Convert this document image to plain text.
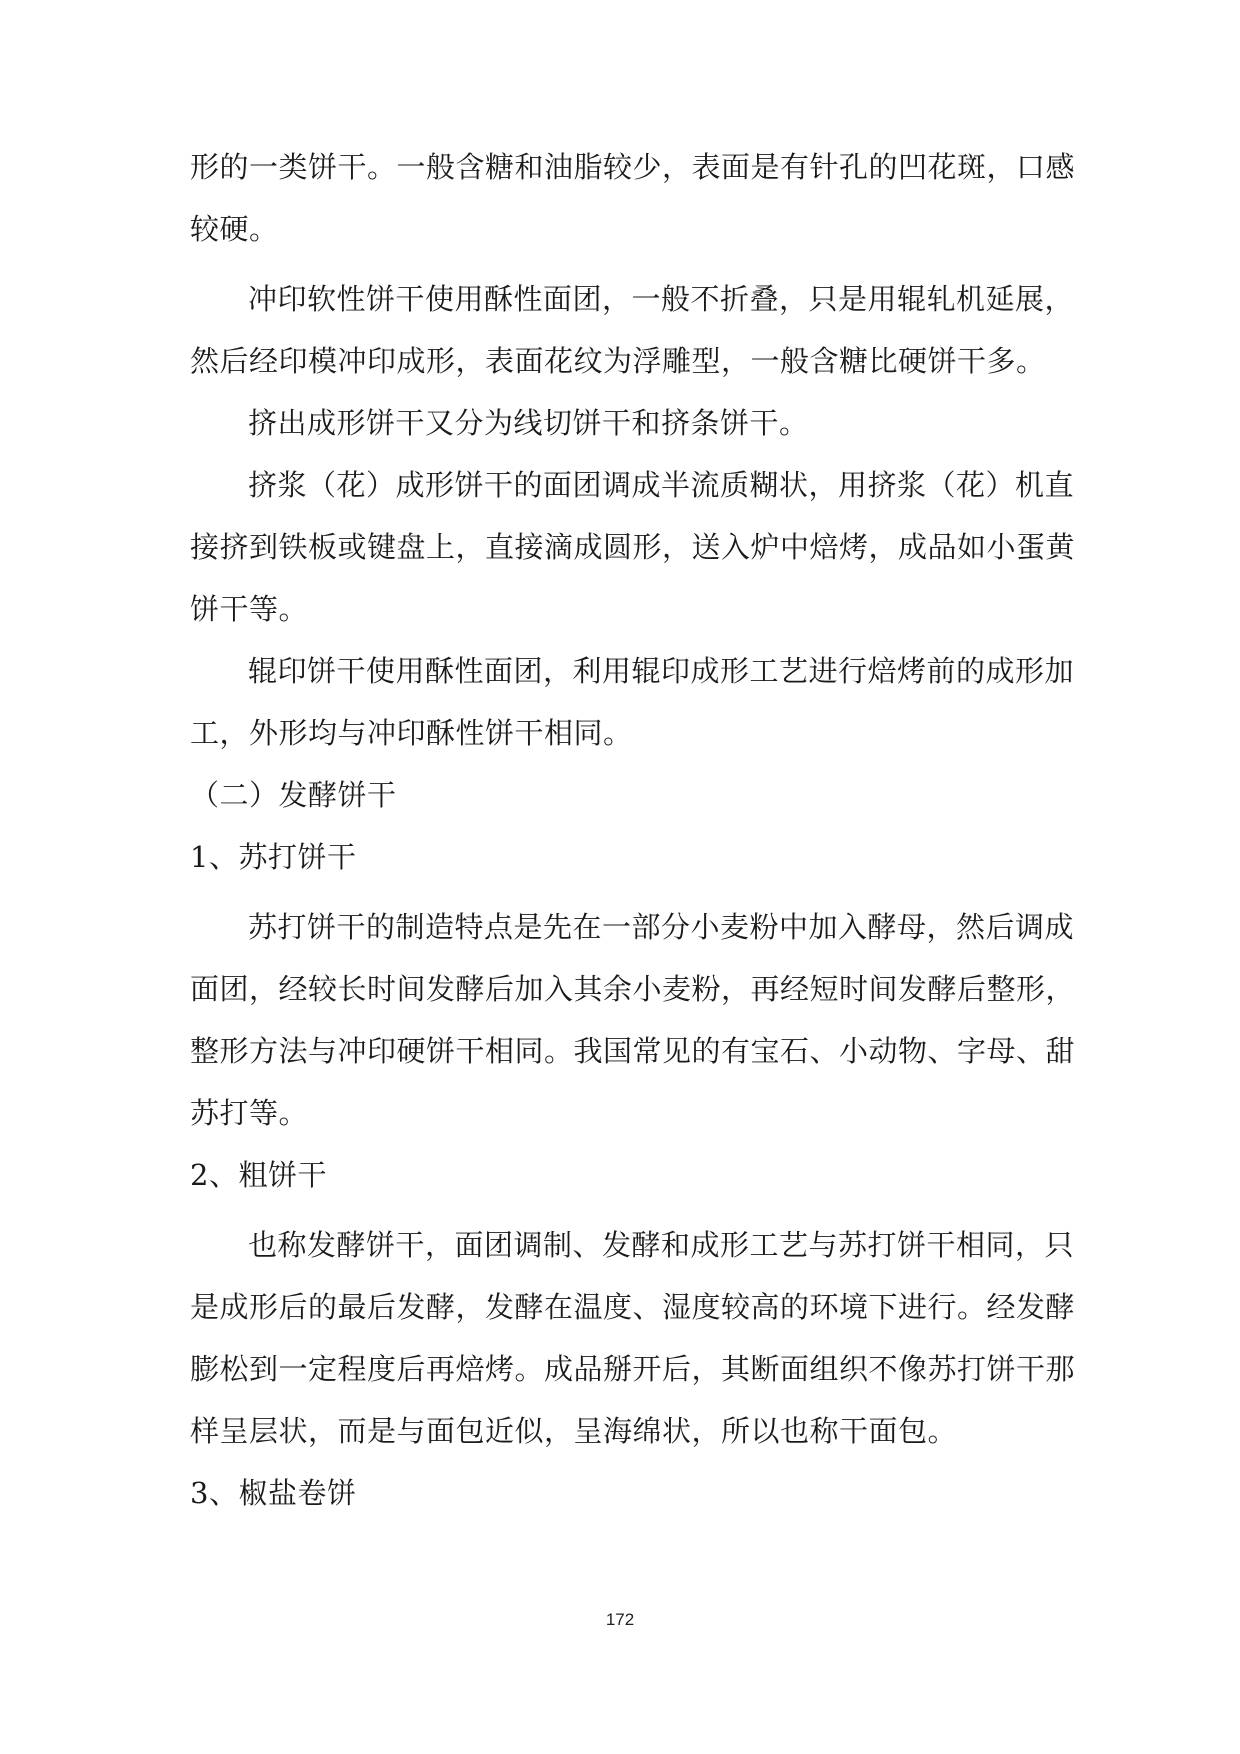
形的一类饼干。一般含糖和油脂较少，表面是有针孔的凹花斑，口感
较硬。
冲印软性饼干使用酥性面团，一般不折叠，只是用辊轧机延展，
然后经印模冲印成形，表面花纹为浮雕型，一般含糖比硬饼干多。
挤出成形饼干又分为线切饼干和挤条饼干。
挤浆（花）成形饼干的面团调成半流质糊状，用挤浆（花）机直
接挤到铁板或键盘上，直接滴成圆形，送入炉中焙烤，成品如小蛋黄
饼干等。
辊印饼干使用酥性面团，利用辊印成形工艺进行焙烤前的成形加
工，外形均与冲印酥性饼干相同。
（二）发酵饼干
1、苏打饼干
苏打饼干的制造特点是先在一部分小麦粉中加入酵母，然后调成
面团，经较长时间发酵后加入其余小麦粉，再经短时间发酵后整形，
整形方法与冲印硬饼干相同。我国常见的有宝石、小动物、字母、甜
苏打等。
2、粗饼干
也称发酵饼干，面团调制、发酵和成形工艺与苏打饼干相同，只
是成形后的最后发酵，发酵在温度、湿度较高的环境下进行。经发酵
膨松到一定程度后再焙烤。成品掰开后，其断面组织不像苏打饼干那
样呈层状，而是与面包近似，呈海绵状，所以也称干面包。
3、椒盐卷饼
172
